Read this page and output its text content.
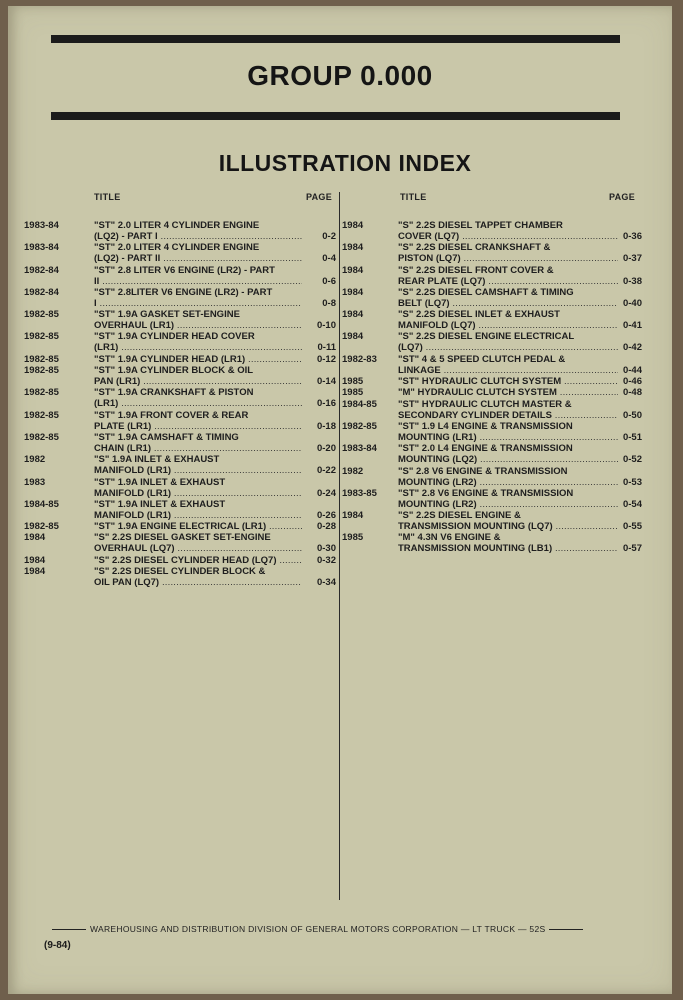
GROUP 0.000
ILLUSTRATION INDEX
TITLE	PAGE	TITLE	PAGE
1983-84	"ST" 2.0 LITER 4 CYLINDER ENGINE
(LQ2) - PART I .....	0-2
1983-84	"ST" 2.0 LITER 4 CYLINDER ENGINE
(LQ2) - PART II .....	0-4
1982-84	"ST" 2.8 LITER V6 ENGINE (LR2) - PART
II .....	0-6
1982-84	"ST" 2.8LITER V6 ENGINE (LR2) - PART
I .....	0-8
1982-85	"ST" 1.9A GASKET SET-ENGINE
OVERHAUL (LR1) .....	0-10
1982-85	"ST" 1.9A CYLINDER HEAD COVER
(LR1) .....	0-11
1982-85	"ST" 1.9A CYLINDER HEAD (LR1) .....	0-12
1982-85	"ST" 1.9A CYLINDER BLOCK & OIL
PAN (LR1) .....	0-14
1982-85	"ST" 1.9A CRANKSHAFT & PISTON
(LR1) .....	0-16
1982-85	"ST" 1.9A FRONT COVER & REAR
PLATE (LR1) .....	0-18
1982-85	"ST" 1.9A CAMSHAFT & TIMING
CHAIN (LR1) .....	0-20
1982	"S" 1.9A INLET & EXHAUST
MANIFOLD (LR1) .....	0-22
1983	"ST" 1.9A INLET & EXHAUST
MANIFOLD (LR1) .....	0-24
1984-85	"ST" 1.9A INLET & EXHAUST
MANIFOLD (LR1) .....	0-26
1982-85	"ST" 1.9A ENGINE ELECTRICAL (LR1) .....	0-28
1984	"S" 2.2S DIESEL GASKET SET-ENGINE
OVERHAUL (LQ7) .....	0-30
1984	"S" 2.2S DIESEL CYLINDER HEAD (LQ7) .....	0-32
1984	"S" 2.2S DIESEL CYLINDER BLOCK &
OIL PAN (LQ7) .....	0-34
1984	"S" 2.2S DIESEL TAPPET CHAMBER
COVER (LQ7) .....	0-36
1984	"S" 2.2S DIESEL CRANKSHAFT &
PISTON (LQ7) .....	0-37
1984	"S" 2.2S DIESEL FRONT COVER &
REAR PLATE (LQ7) .....	0-38
1984	"S" 2.2S DIESEL CAMSHAFT & TIMING
BELT (LQ7) .....	0-40
1984	"S" 2.2S DIESEL INLET & EXHAUST
MANIFOLD (LQ7) .....	0-41
1984	"S" 2.2S DIESEL ENGINE ELECTRICAL
(LQ7) .....	0-42
1982-83 "ST" 4 & 5 SPEED CLUTCH PEDAL &
LINKAGE .....	0-44
1985	"ST" HYDRAULIC CLUTCH SYSTEM .....	0-46
1985	"M" HYDRAULIC CLUTCH SYSTEM .....	0-48
1984-85 "ST" HYDRAULIC CLUTCH MASTER &
SECONDARY CYLINDER DETAILS .....	0-50
1982-85 "ST" 1.9 L4 ENGINE & TRANSMISSION
MOUNTING (LR1) .....	0-51
1983-84 "ST" 2.0 L4 ENGINE & TRANSMISSION
MOUNTING (LQ2) .....	0-52
1982	"S" 2.8 V6 ENGINE & TRANSMISSION
MOUNTING (LR2) .....	0-53
1983-85 "ST" 2.8 V6 ENGINE & TRANSMISSION
MOUNTING (LR2) .....	0-54
1984	"S" 2.2S DIESEL ENGINE &
TRANSMISSION MOUNTING (LQ7) .....	0-55
1985	"M" 4.3N V6 ENGINE &
TRANSMISSION MOUNTING (LB1) .....	0-57
WAREHOUSING AND DISTRIBUTION DIVISION OF GENERAL MOTORS CORPORATION — LT TRUCK — 52S
(9-84)
